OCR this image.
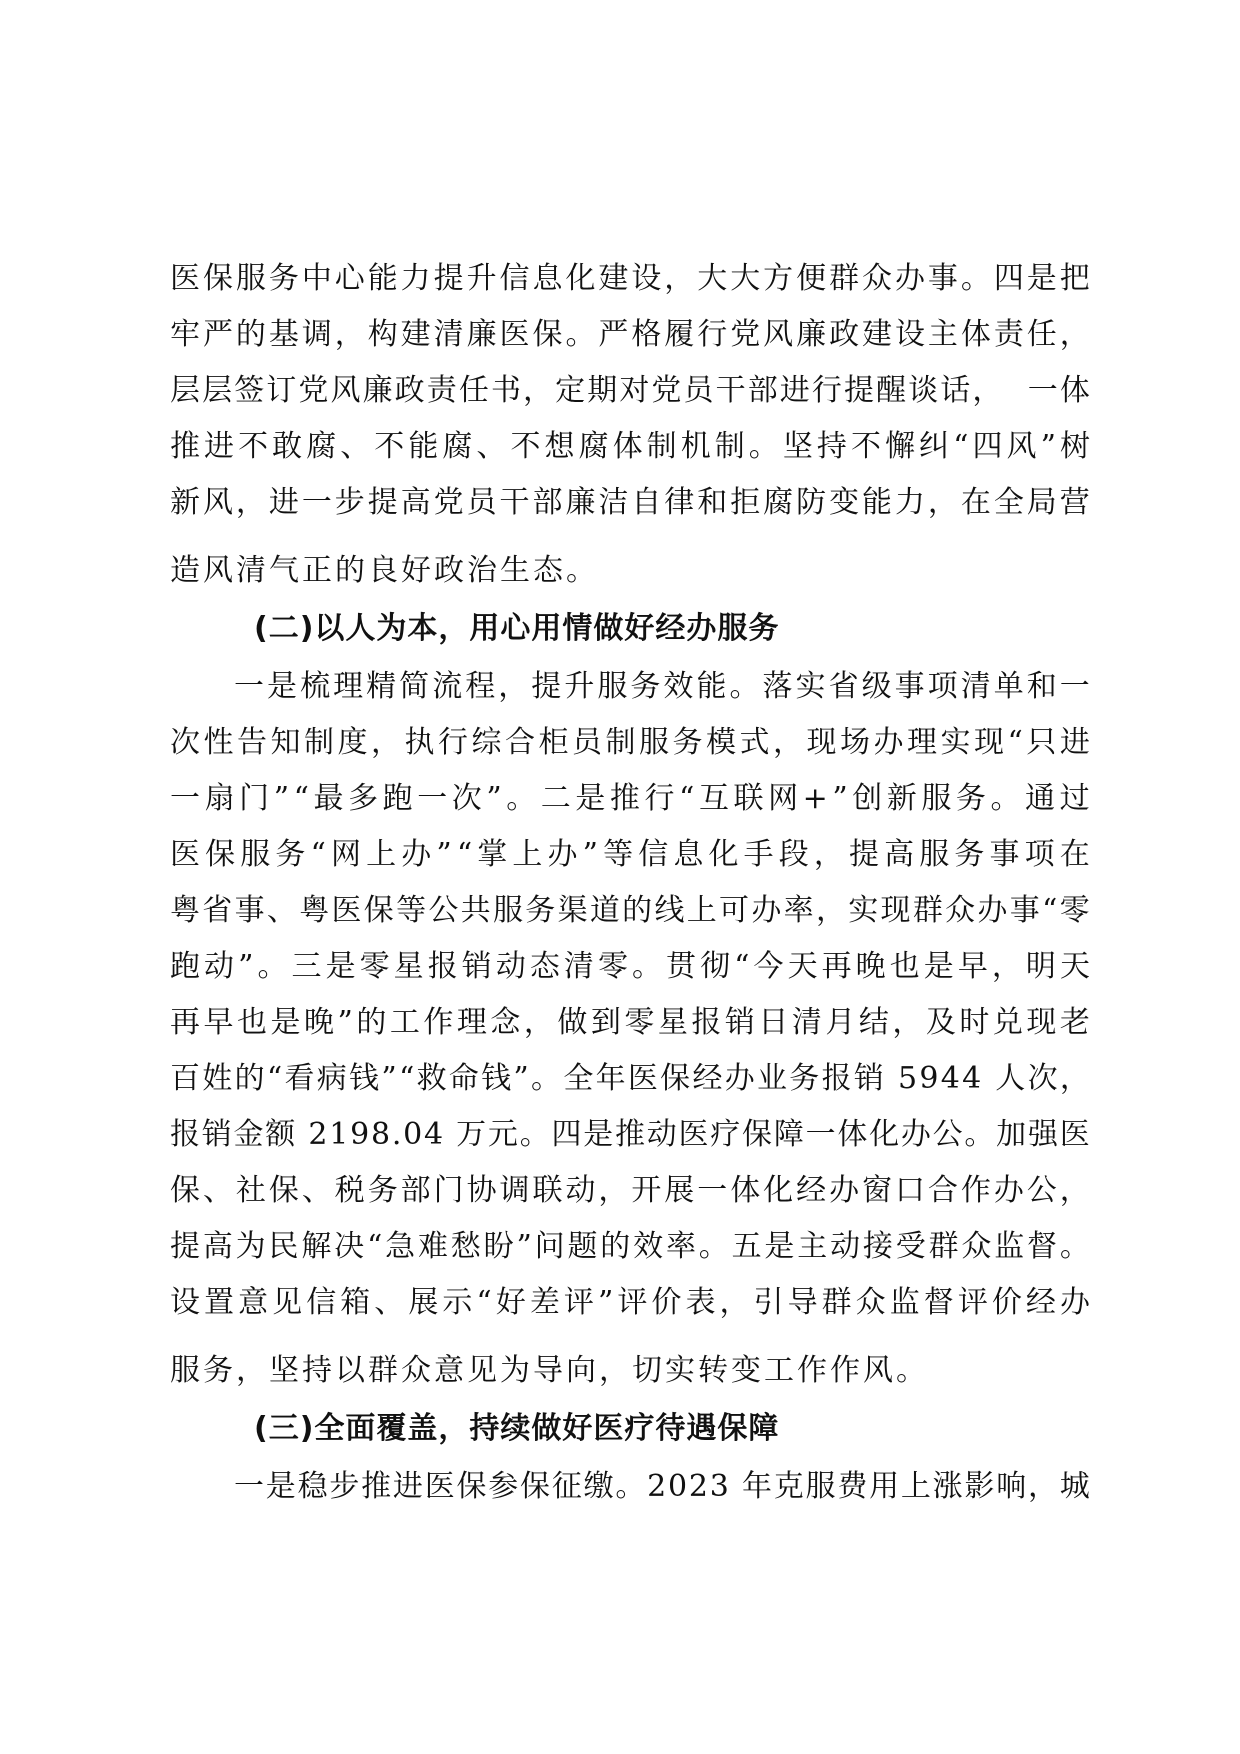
医 保 服 务 中 心 能 力 提 升 信 息 化 建 设 ， 大 大 方 便 群 众 办 事 。 四 是 把
牢 严 的 基 调 ， 构 建 清 廉 医 保 。 严 格 履 行 党 风 廉 政 建 设 主 体 责 任 ，
层 层 签 订 党 风 廉 政 责 任 书 ， 定 期 对 党 员 干 部 进 行 提 醒 谈 话 ，

一 体
推 进 不 敢 腐 、 不 能 腐 、 不 想 腐 体 制 机 制 。 坚 持 不 懈 纠 “ 四 风 ” 树
新 风 ， 进 一 步 提 高 党 员 干 部 廉 洁 自 律 和 拒 腐 防 变 能 力 ， 在 全 局 营
造风清气正的良好政治生态。
(二)以人为本，用心用情做好经办服务
一 是 梳 理 精 简 流 程 ， 提 升 服 务 效 能 。 落 实 省 级 事 项 清 单 和 一
次 性 告 知 制 度 ， 执 行 综 合 柜 员 制 服 务 模 式 ， 现 场 办 理 实 现 “ 只 进
一 扇 门 ” “ 最 多 跑 一 次 ” 。 二 是 推 行 “ 互 联 网 + ” 创 新 服 务 。 通 过
医 保 服 务 “ 网 上 办 ” “ 掌 上 办 ” 等 信 息 化 手 段 ， 提 高 服 务 事 项 在
粤 省 事 、 粤 医 保 等 公 共 服 务 渠 道 的 线 上 可 办 率 ， 实 现 群 众 办 事 “ 零
跑 动 ” 。 三 是 零 星 报 销 动 态 清 零 。 贯 彻 “ 今 天 再 晚 也 是 早 ， 明 天
再 早 也 是 晚 ” 的 工 作 理 念 ， 做 到 零 星 报 销 日 清 月 结 ， 及 时 兑 现 老
百 姓 的 “ 看 病 钱 ” “ 救 命 钱 ” 。 全 年 医 保 经 办 业 务 报 销
5 9 4 4
人 次 ，
报 销 金 额
2 1 9 8 . 0 4
万 元 。 四 是 推 动 医 疗 保 障 一 体 化 办 公 。 加 强 医
保 、 社 保 、 税 务 部 门 协 调 联 动 ， 开 展 一 体 化 经 办 窗 口 合 作 办 公 ，
提 高 为 民 解 决 “ 急 难 愁 盼 ” 问 题 的 效 率 。 五 是 主 动 接 受 群 众 监 督 。
设 置 意 见 信 箱 、 展 示 “ 好 差 评 ” 评 价 表 ， 引 导 群 众 监 督 评 价 经 办
服务，坚持以群众意见为导向，切实转变工作作风。
(三)全面覆盖，持续做好医疗待遇保障
一 是 稳 步 推 进 医 保 参 保 征 缴 。 2 0 2 3
年 克 服 费 用 上 涨 影 响 ， 城
